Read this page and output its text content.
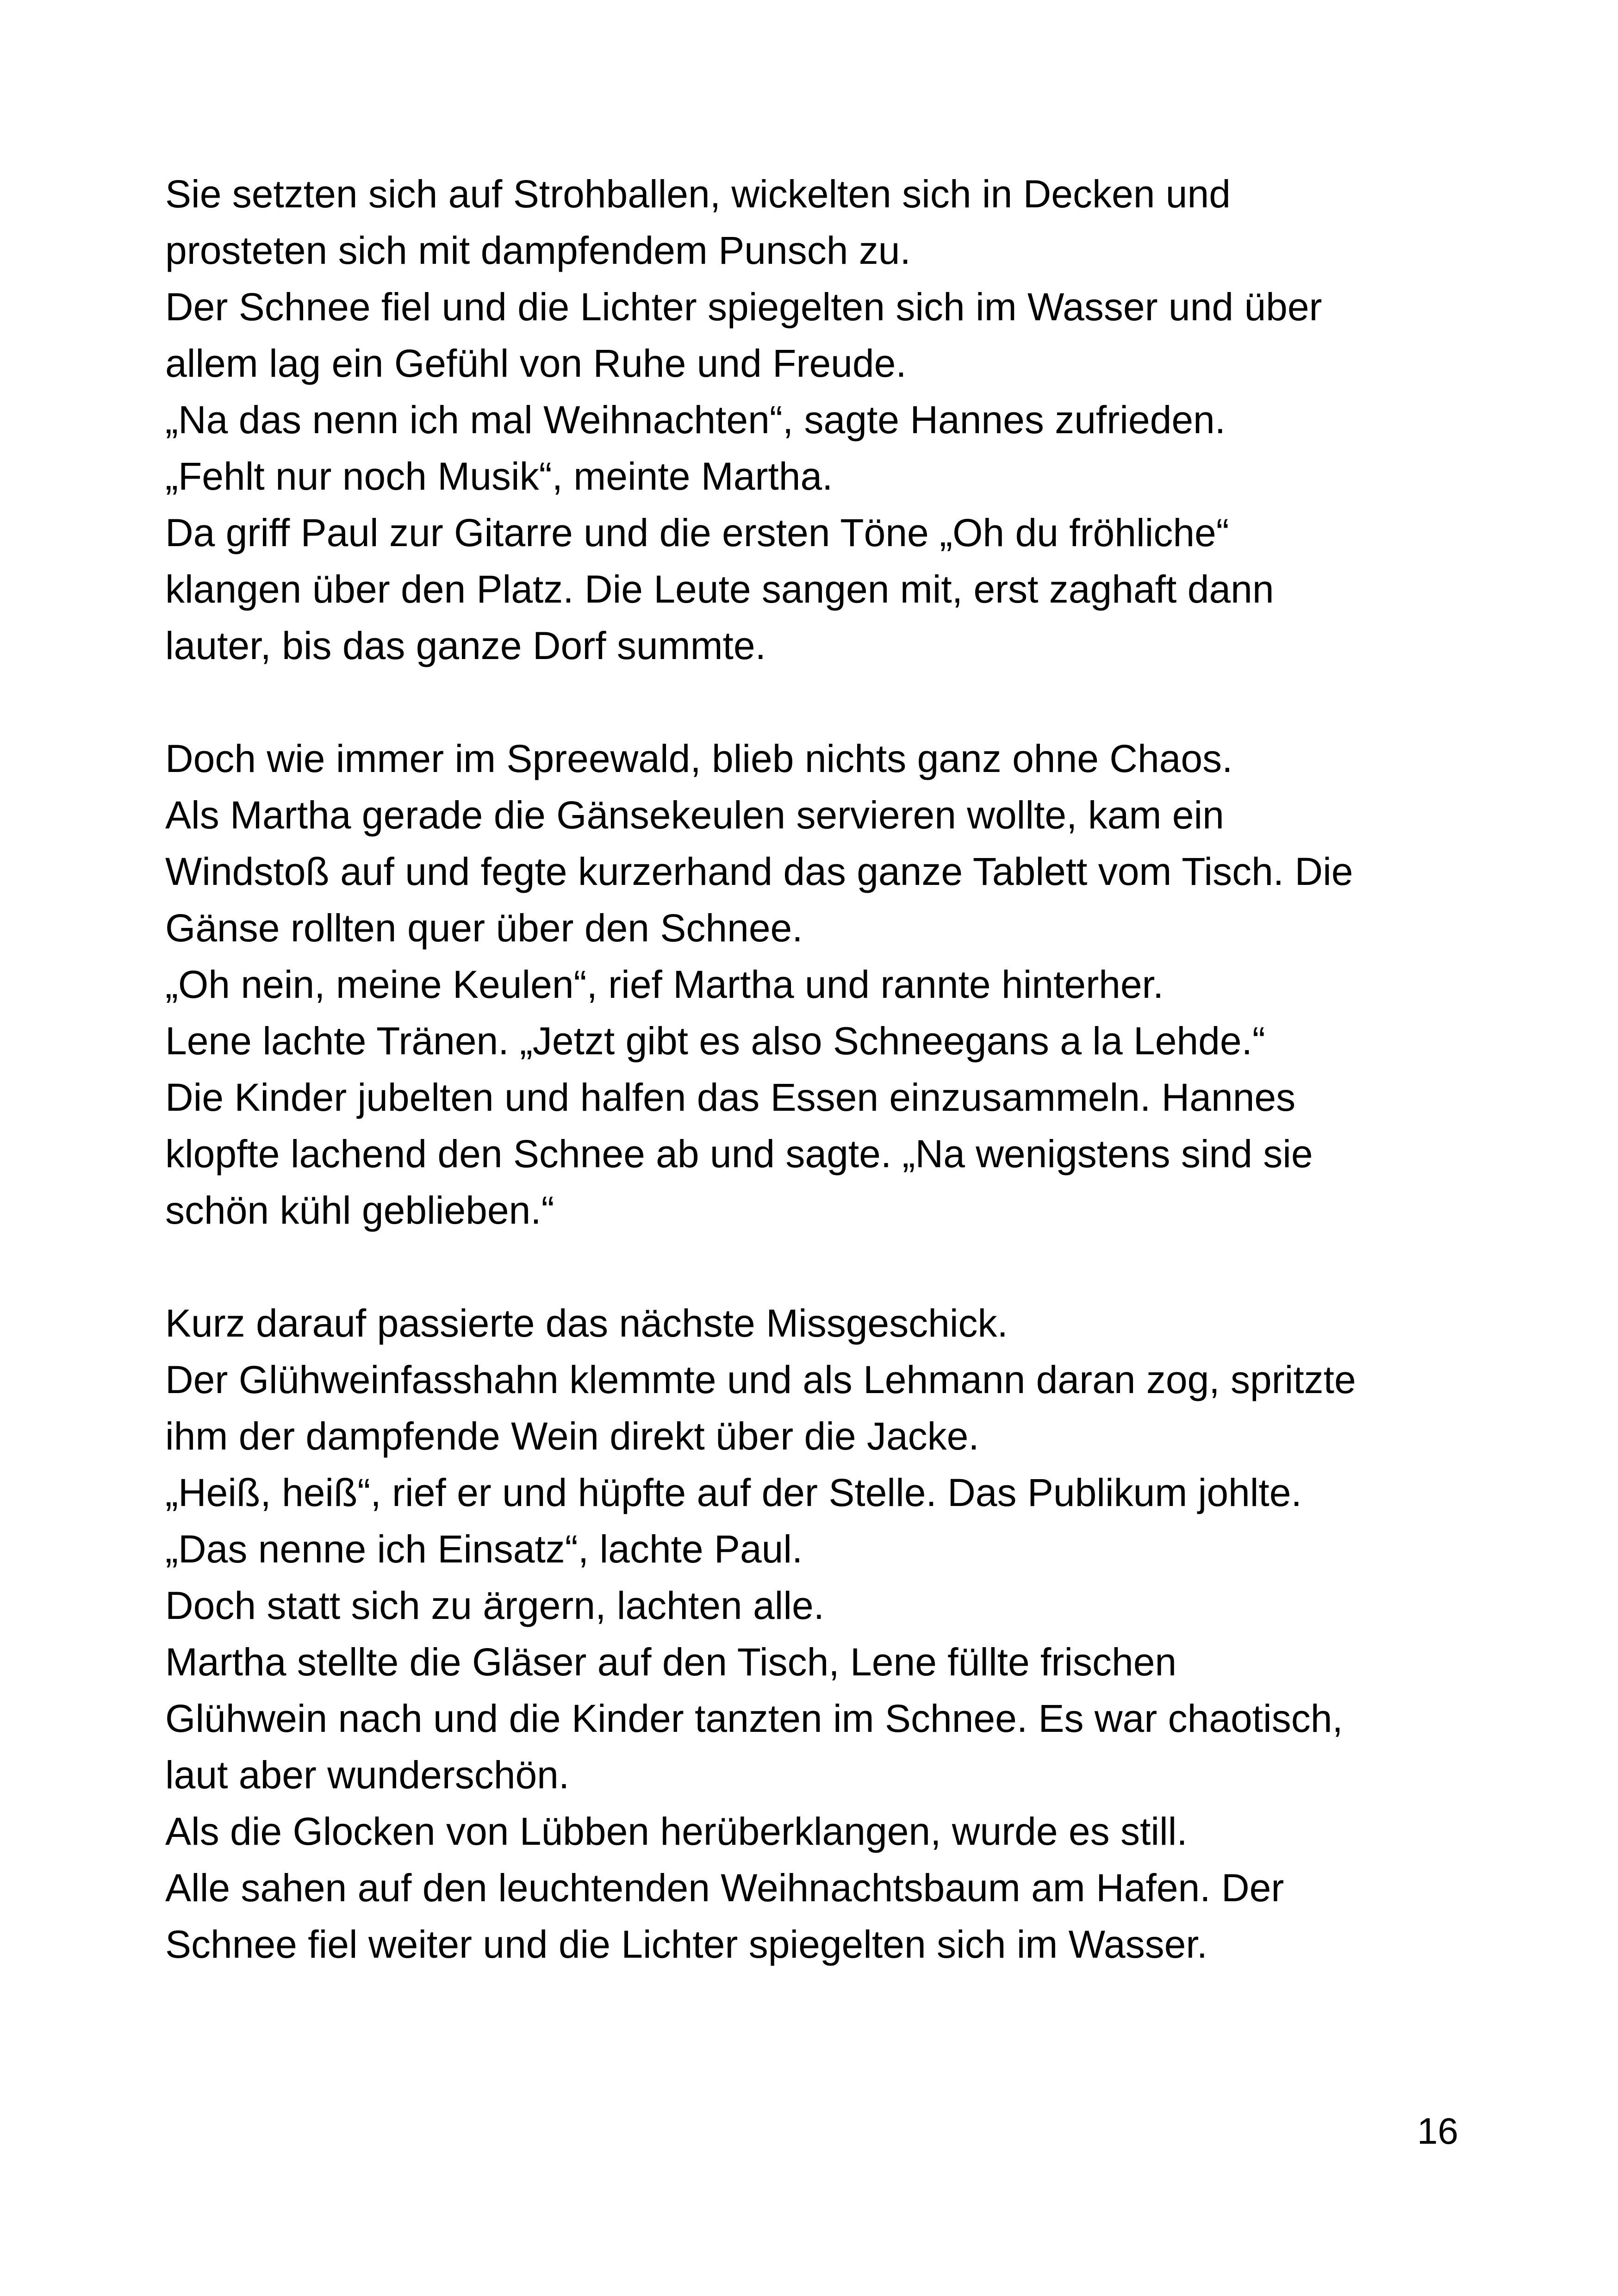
Sie setzten sich auf Strohballen, wickelten sich in Decken und
prosteten sich mit dampfendem Punsch zu.
Der Schnee fiel und die Lichter spiegelten sich im Wasser und über
allem lag ein Gefühl von Ruhe und Freude.
„Na das nenn ich mal Weihnachten“, sagte Hannes zufrieden.
„Fehlt nur noch Musik“, meinte Martha.
Da griff Paul zur Gitarre und die ersten Töne „Oh du fröhliche“
klangen über den Platz. Die Leute sangen mit, erst zaghaft dann
lauter, bis das ganze Dorf summte.
Doch wie immer im Spreewald, blieb nichts ganz ohne Chaos.
Als Martha gerade die Gänsekeulen servieren wollte, kam ein
Windstoß auf und fegte kurzerhand das ganze Tablett vom Tisch. Die
Gänse rollten quer über den Schnee.
„Oh nein, meine Keulen“, rief Martha und rannte hinterher.
Lene lachte Tränen. „Jetzt gibt es also Schneegans a la Lehde.“
Die Kinder jubelten und halfen das Essen einzusammeln. Hannes
klopfte lachend den Schnee ab und sagte. „Na wenigstens sind sie
schön kühl geblieben.“
Kurz darauf passierte das nächste Missgeschick.
Der Glühweinfasshahn klemmte und als Lehmann daran zog, spritzte
ihm der dampfende Wein direkt über die Jacke.
„Heiß, heiß“, rief er und hüpfte auf der Stelle. Das Publikum johlte.
„Das nenne ich Einsatz“, lachte Paul.
Doch statt sich zu ärgern, lachten alle.
Martha stellte die Gläser auf den Tisch, Lene füllte frischen
Glühwein nach und die Kinder tanzten im Schnee. Es war chaotisch,
laut aber wunderschön.
Als die Glocken von Lübben herüberklangen, wurde es still.
Alle sahen auf den leuchtenden Weihnachtsbaum am Hafen. Der
Schnee fiel weiter und die Lichter spiegelten sich im Wasser.
16
